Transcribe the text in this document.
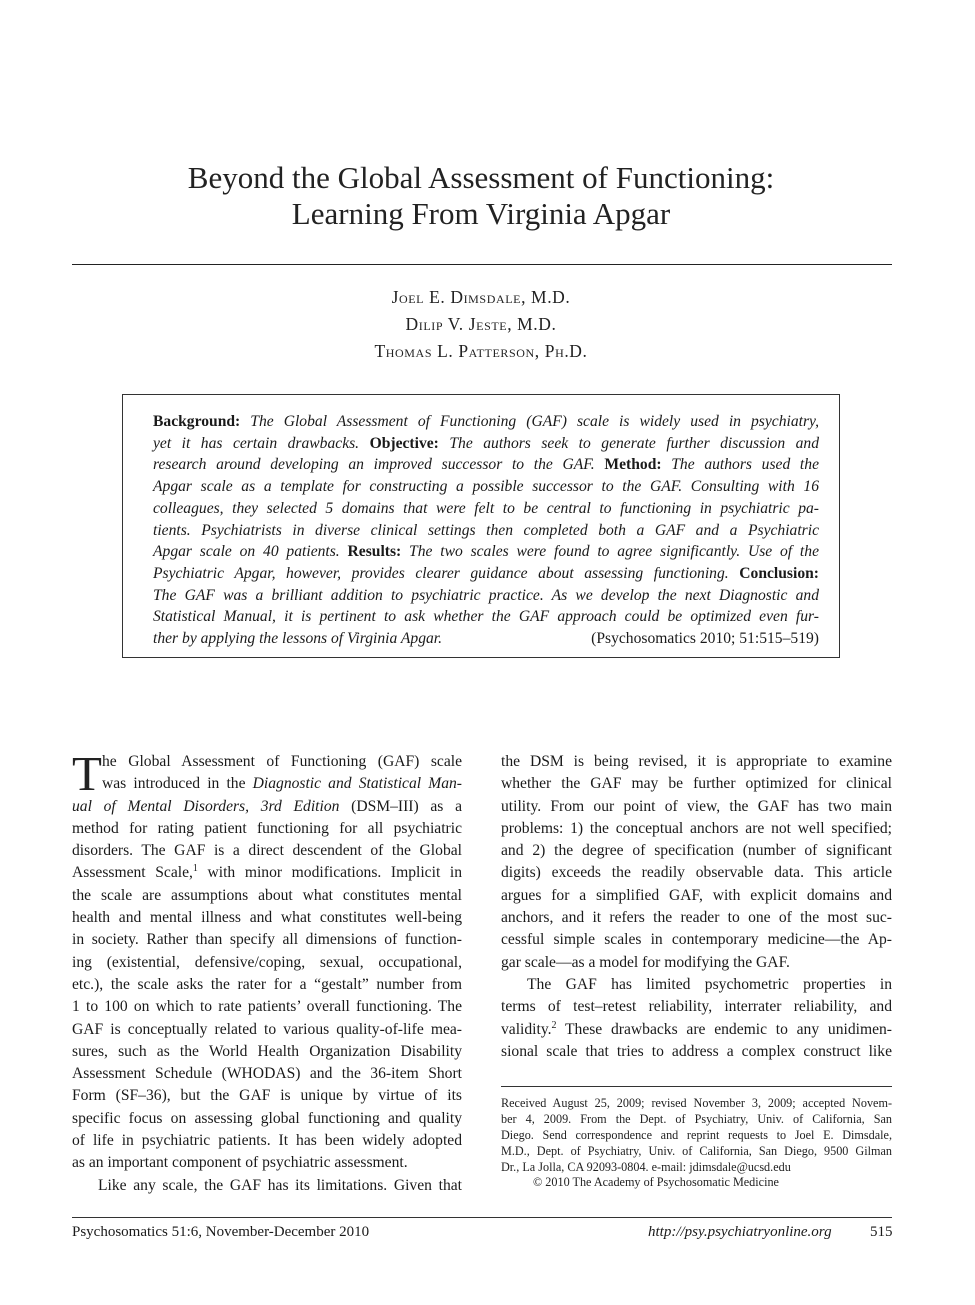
Beyond the Global Assessment of Functioning:
Learning From Virginia Apgar
Joel E. Dimsdale, M.D.
Dilip V. Jeste, M.D.
Thomas L. Patterson, Ph.D.
Background: The Global Assessment of Functioning (GAF) scale is widely used in psychiatry,
yet it has certain drawbacks. Objective: The authors seek to generate further discussion and
research around developing an improved successor to the GAF. Method: The authors used the
Apgar scale as a template for constructing a possible successor to the GAF. Consulting with 16
colleagues, they selected 5 domains that were felt to be central to functioning in psychiatric pa-
tients. Psychiatrists in diverse clinical settings then completed both a GAF and a Psychiatric
Apgar scale on 40 patients. Results: The two scales were found to agree significantly. Use of the
Psychiatric Apgar, however, provides clearer guidance about assessing functioning. Conclusion:
The GAF was a brilliant addition to psychiatric practice. As we develop the next Diagnostic and
Statistical Manual, it is pertinent to ask whether the GAF approach could be optimized even fur-
ther by applying the lessons of Virginia Apgar.	(Psychosomatics 2010; 51:515–519)
T he Global Assessment of Functioning (GAF) scale
was introduced in the Diagnostic and Statistical Man-
ual of Mental Disorders, 3rd Edition (DSM–III) as a
method for rating patient functioning for all psychiatric
disorders. The GAF is a direct descendent of the Global
Assessment Scale,$^1$ with minor modifications. Implicit in
the scale are assumptions about what constitutes mental
health and mental illness and what constitutes well-being
in society. Rather than specify all dimensions of function-
ing (existential, defensive/coping, sexual, occupational,
etc.), the scale asks the rater for a “gestalt” number from
1 to 100 on which to rate patients’ overall functioning. The
GAF is conceptually related to various quality-of-life mea-
sures, such as the World Health Organization Disability
Assessment Schedule (WHODAS) and the 36-item Short
Form (SF–36), but the GAF is unique by virtue of its
specific focus on assessing global functioning and quality
of life in psychiatric patients. It has been widely adopted
as an important component of psychiatric assessment.
Like any scale, the GAF has its limitations. Given that
the DSM is being revised, it is appropriate to examine
whether the GAF may be further optimized for clinical
utility. From our point of view, the GAF has two main
problems: 1) the conceptual anchors are not well specified;
and 2) the degree of specification (number of significant
digits) exceeds the readily observable data. This article
argues for a simplified GAF, with explicit domains and
anchors, and it refers the reader to one of the most suc-
cessful simple scales in contemporary medicine—the Ap-
gar scale—as a model for modifying the GAF.
The GAF has limited psychometric properties in
terms of test–retest reliability, interrater reliability, and
validity.$^2$ These drawbacks are endemic to any unidimen-
sional scale that tries to address a complex construct like
Received August 25, 2009; revised November 3, 2009; accepted Novem-
ber 4, 2009. From the Dept. of Psychiatry, Univ. of California, San
Diego. Send correspondence and reprint requests to Joel E. Dimsdale,
M.D., Dept. of Psychiatry, Univ. of California, San Diego, 9500 Gilman
Dr., La Jolla, CA 92093-0804. e-mail: jdimsdale@ucsd.edu
© 2010 The Academy of Psychosomatic Medicine
Psychosomatics 51:6, November-December 2010	http://psy.psychiatryonline.org	515
